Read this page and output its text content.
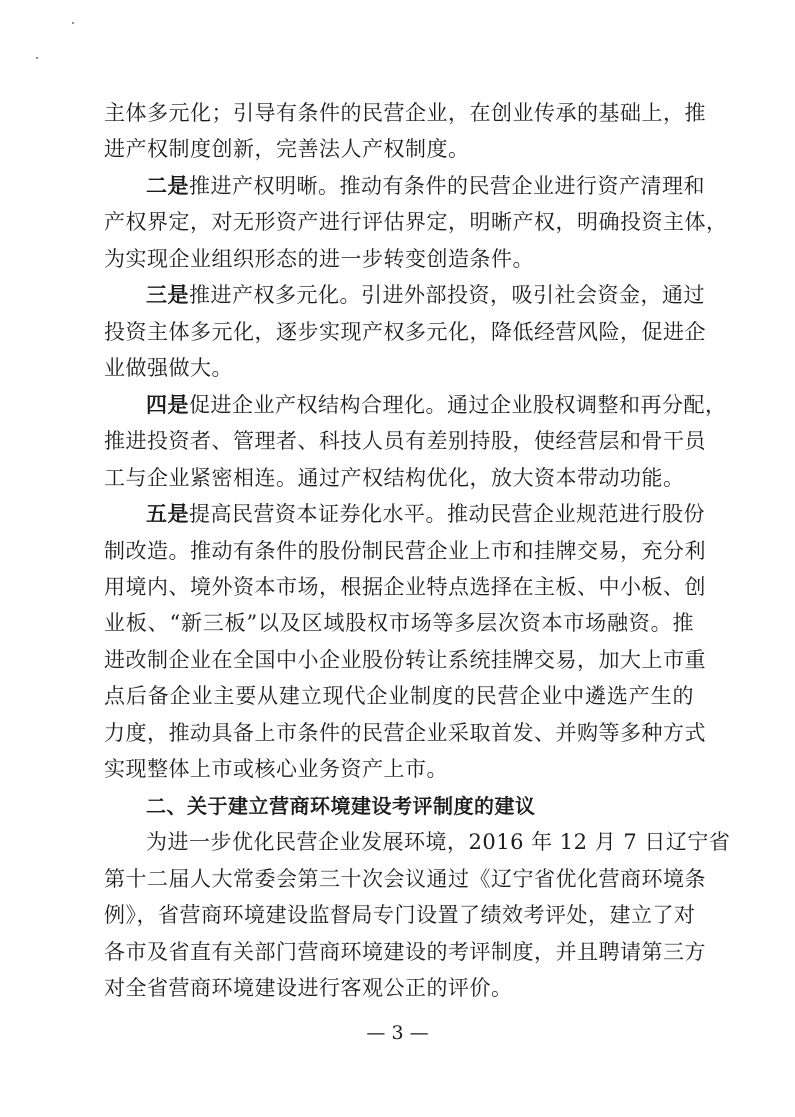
主体多元化；引导有条件的民营企业，在创业传承的基础上，推
进产权制度创新，完善法人产权制度。
二是推进产权明晰。推动有条件的民营企业进行资产清理和
产权界定，对无形资产进行评估界定，明晰产权，明确投资主体，
为实现企业组织形态的进一步转变创造条件。
三是推进产权多元化。引进外部投资，吸引社会资金，通过
投资主体多元化，逐步实现产权多元化，降低经营风险，促进企
业做强做大。
四是促进企业产权结构合理化。通过企业股权调整和再分配，
推进投资者、管理者、科技人员有差别持股，使经营层和骨干员
工与企业紧密相连。通过产权结构优化，放大资本带动功能。
五是提高民营资本证券化水平。推动民营企业规范进行股份
制改造。推动有条件的股份制民营企业上市和挂牌交易，充分利
用境内、境外资本市场，根据企业特点选择在主板、中小板、创
业板、“新三板”以及区域股权市场等多层次资本市场融资。推
进改制企业在全国中小企业股份转让系统挂牌交易，加大上市重
点后备企业主要从建立现代企业制度的民营企业中遴选产生的
力度，推动具备上市条件的民营企业采取首发、并购等多种方式
实现整体上市或核心业务资产上市。
二、关于建立营商环境建设考评制度的建议
为进一步优化民营企业发展环境，2016 年 12 月 7 日辽宁省
第十二届人大常委会第三十次会议通过《辽宁省优化营商环境条
例》，省营商环境建设监督局专门设置了绩效考评处，建立了对
各市及省直有关部门营商环境建设的考评制度，并且聘请第三方
对全省营商环境建设进行客观公正的评价。
— 3 —
